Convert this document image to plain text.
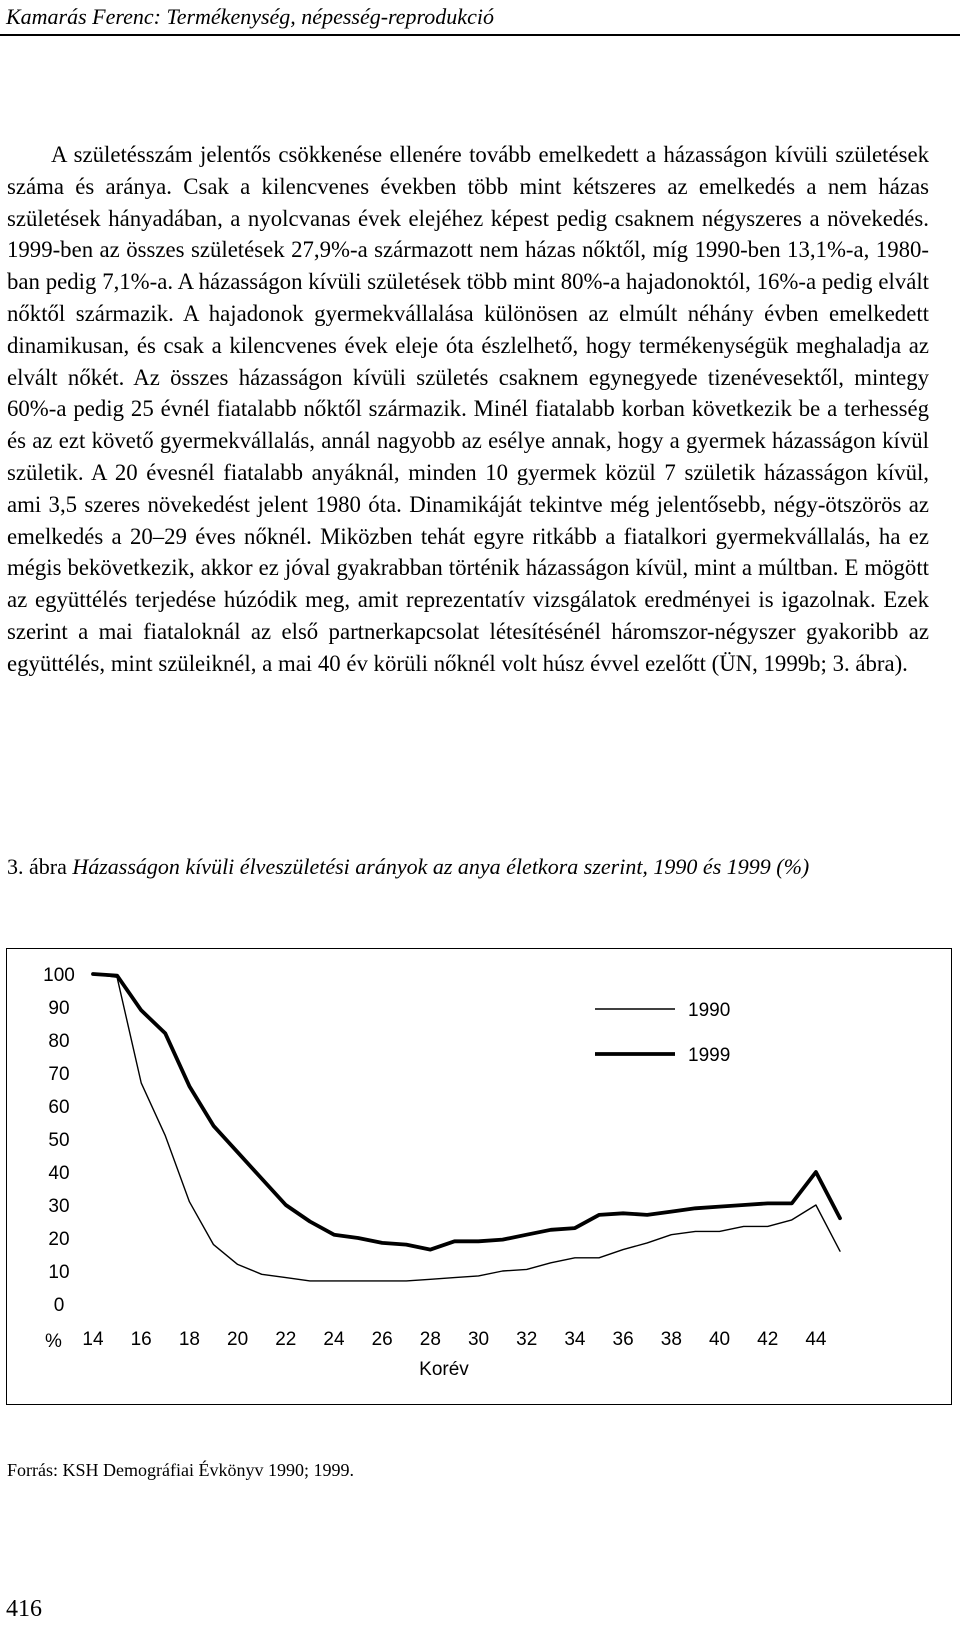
Kamarás Ferenc: Termékenység, népesség-reprodukció

A születésszám jelentős csökkenése ellenére tovább emelkedett a házasságon kívüli születések száma és aránya. Csak a kilencvenes években több mint kétszeres az emelkedés a nem házas születések hányadában, a nyolcvanas évek elejéhez képest pedig csaknem négyszeres a növekedés. 1999-ben az összes születések 27,9%-a származott nem házas nőktől, míg 1990-ben 13,1%-a, 1980-ban pedig 7,1%-a. A házasságon kívüli születések több mint 80%-a hajadonoktól, 16%-a pedig elvált nőktől származik. A hajadonok gyermekvállalása különösen az elmúlt néhány évben emelkedett dinamikusan, és csak a kilencvenes évek eleje óta észlelhető, hogy termékenységük meghaladja az elvált nőkét. Az összes házasságon kívüli születés csaknem egynegyede tizenévesektől, mintegy 60%-a pedig 25 évnél fiatalabb nőktől származik. Minél fiatalabb korban következik be a terhesség és az ezt követő gyermekvállalás, annál nagyobb az esélye annak, hogy a gyermek házasságon kívül születik. A 20 évesnél fiatalabb anyáknál, minden 10 gyermek közül 7 születik házasságon kívül, ami 3,5 szeres növekedést jelent 1980 óta. Dinamikáját tekintve még jelentősebb, négy-ötszörös az emelkedés a 20–29 éves nőknél. Miközben tehát egyre ritkább a fiatalkori gyermekvállalás, ha ez mégis bekövetkezik, akkor ez jóval gyakrabban történik házasságon kívül, mint a múltban. E mögött az együttélés terjedése húzódik meg, amit reprezentatív vizsgálatok eredményei is igazolnak. Ezek szerint a mai fiataloknál az első partnerkapcsolat létesítésénél háromszor-négyszer gyakoribb az együttélés, mint szüleiknél, a mai 40 év körüli nőknél volt húsz évvel ezelőtt (ÜN, 1999b; 3. ábra).

3. ábra Házasságon kívüli élveszületési arányok az anya életkora szerint, 1990 és 1999 (%)
0
10
20
30
40
50
60
70
80
90
100
14 16 18 20 22 24 26 28 30 32 34 36 38 40 42 44
%
Korév
1990
1999
Forrás: KSH Demográfiai Évkönyv 1990; 1999.
416
